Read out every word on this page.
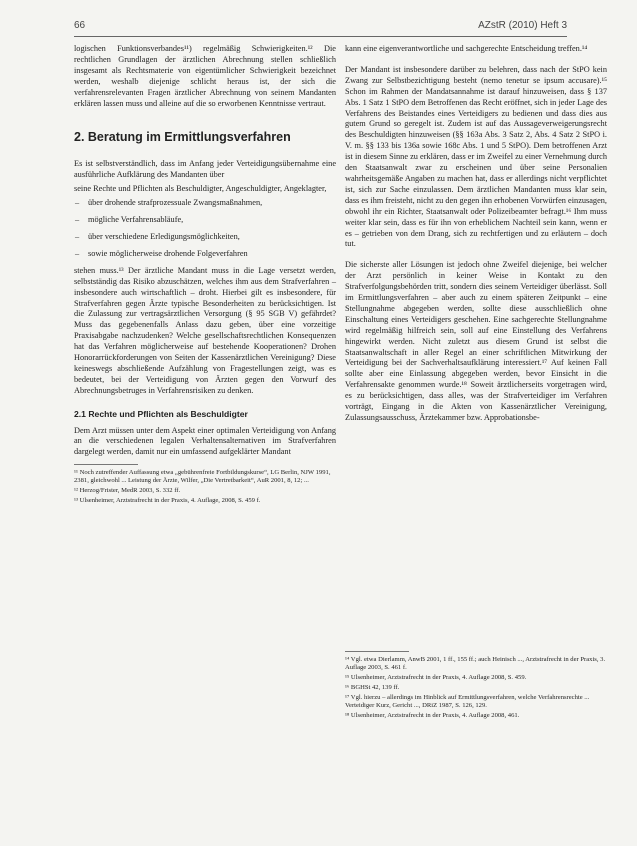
66	AZstR (2010) Heft 3

logischen Funktionsverbandes¹¹) regelmäßig Schwierigkeiten.¹² Die rechtlichen Grundlagen der ärztlichen Abrechnung stellen schließlich insgesamt als Rechtsmaterie von eigentümlicher Schwierigkeit bezeichnet werden, weshalb diejenige schlicht heraus ist, der sich die verfahrensrelevanten Fragen ärztlicher Abrechnung von seinem Mandanten erklären lassen muss und alleine auf die so erworbenen Kenntnisse vertraut.

2. Beratung im Ermittlungsverfahren

Es ist selbstverständlich, dass im Anfang jeder Verteidigungsübernahme eine ausführliche Aufklärung des Mandanten über

seine Rechte und Pflichten als Beschuldigter, Angeschuldigter, Angeklagter,

– über drohende strafprozessuale Zwangsmaßnahmen,
– mögliche Verfahrensabläufe,
– über verschiedene Erledigungsmöglichkeiten,
– sowie möglicherweise drohende Folgeverfahren

stehen muss.¹³ Der ärztliche Mandant muss in die Lage versetzt werden, selbstständig das Risiko abzuschätzen, welches ihm aus dem Strafverfahren – insbesondere auch wirtschaftlich – droht. Hierbei gilt es insbesondere, für Strafverfahren gegen Ärzte typische Besonderheiten zu berücksichtigen. Ist die Zulassung zur vertragsärztlichen Versorgung (§ 95 SGB V) gefährdet? Muss das gegebenenfalls Anlass dazu geben, über eine vorzeitige Praxisabgabe nachzudenken? Welche gesellschaftsrechtlichen Konsequenzen hat das Verfahren möglicherweise auf bestehende Kooperationen? Drohen Honorarrückforderungen von Seiten der Kassenärztlichen Vereinigung? Diese keineswegs abschließende Aufzählung von Fragestellungen zeigt, was es bedeutet, bei der Verteidigung von Ärzten gegen den Vorwurf des Abrechnungsbetruges in Verfahrensrisiken zu denken.

2.1 Rechte und Pflichten als Beschuldigter

Dem Arzt müssen unter dem Aspekt einer optimalen Verteidigung von Anfang an die verschiedenen legalen Verhaltensalternativen im Strafverfahren dargelegt werden, damit nur ein umfassend aufgeklärter Mandant

¹¹ Noch zutreffender Auffassung etwa „gebührenfreie Fortbildungskurse“, LG Berlin, NJW 1991, 2381, gleichwohl ... Leistung der Ärzte, Wilfer, „Die Vertretbarkeit“, AuR 2001, 8, 12; ...
¹² Herzog/Frister, MedR 2003, S. 332 ff.
¹³ Ulsenheimer, Arztstrafrecht in der Praxis, 4. Auflage, 2008, S. 459 f.

kann eine eigenverantwortliche und sachgerechte Entscheidung treffen.¹⁴

Der Mandant ist insbesondere darüber zu belehren, dass nach der StPO kein Zwang zur Selbstbezichtigung besteht (nemo tenetur se ipsum accusare).¹⁵ Schon im Rahmen der Mandatsannahme ist darauf hinzuweisen, dass § 137 Abs. 1 Satz 1 StPO dem Betroffenen das Recht eröffnet, sich in jeder Lage des Verfahrens des Beistandes eines Verteidigers zu bedienen und dass dies aus gutem Grund so geregelt ist. Zudem ist auf das Aussageverweigerungsrecht des Beschuldigten hinzuweisen (§§ 163a Abs. 3 Satz 2, Abs. 4 Satz 2 StPO i. V. m. §§ 133 bis 136a sowie 168c Abs. 1 und 5 StPO). Dem betroffenen Arzt ist in diesem Sinne zu erklären, dass er im Zweifel zu einer Vernehmung durch den Staatsanwalt zwar zu erscheinen und über seine Personalien wahrheitsgemäße Angaben zu machen hat, dass er allerdings nicht verpflichtet ist, sich zur Sache einzulassen. Dem ärztlichen Mandanten muss klar sein, dass es ihm freisteht, nicht zu den gegen ihn erhobenen Vorwürfen einzusagen, obwohl ihr ein Richter, Staatsanwalt oder Polizeibeamter befragt.¹⁶ Ihm muss weiter klar sein, dass es für ihn von erheblichem Nachteil sein kann, wenn er es – getrieben von dem Drang, sich zu rechtfertigen und zu erläutern – doch tut.

Die sicherste aller Lösungen ist jedoch ohne Zweifel diejenige, bei welcher der Arzt persönlich in keiner Weise in Kontakt zu den Strafverfolgungsbehörden tritt, sondern dies seinem Verteidiger überlässt. Soll im Ermittlungsverfahren – aber auch zu einem späteren Zeitpunkt – eine Stellungnahme abgegeben werden, sollte diese ausschließlich ohne Einschaltung eines Verteidigers geschehen. Eine sachgerechte Stellungnahme wird regelmäßig hilfreich sein, soll auf eine Einstellung des Verfahrens hingewirkt werden. Nicht zuletzt aus diesem Grund ist selbst die Staatsanwaltschaft in aller Regel an einer schriftlichen Mitwirkung der Verteidigung bei der Sachverhaltsaufklärung interessiert.¹⁷ Auf keinen Fall sollte aber eine Einlassung abgegeben werden, bevor Einsicht in die Verfahrensakte genommen wurde.¹⁸ Soweit ärztlicherseits vorgetragen wird, es zu berücksichtigen, dass alles, was der Strafverteidiger im Verfahren vorträgt, Eingang in die Akten von Kassenärztlicher Vereinigung, Zulassungsausschuss, Ärztekammer bzw. Approbationsbe-

¹⁴ Vgl. etwa Dierlamm, AnwB 2001, 1 ff., 155 ff.; auch Heinisch ..., Arztstrafrecht in der Praxis, 3. Auflage 2003, S. 461 f.
¹⁵ Ulsenheimer, Arztstrafrecht in der Praxis, 4. Auflage 2008, S. 459.
¹⁶ BGHSt 42, 139 ff.
¹⁷ Vgl. hierzu – allerdings im Hinblick auf Ermittlungsverfahren, welche Verfahrensrechte ... Verteidiger Kurz, Gericht ..., DRiZ 1987, S. 126, 129.
¹⁸ Ulsenheimer, Arztstrafrecht in der Praxis, 4. Auflage 2008, 461.
